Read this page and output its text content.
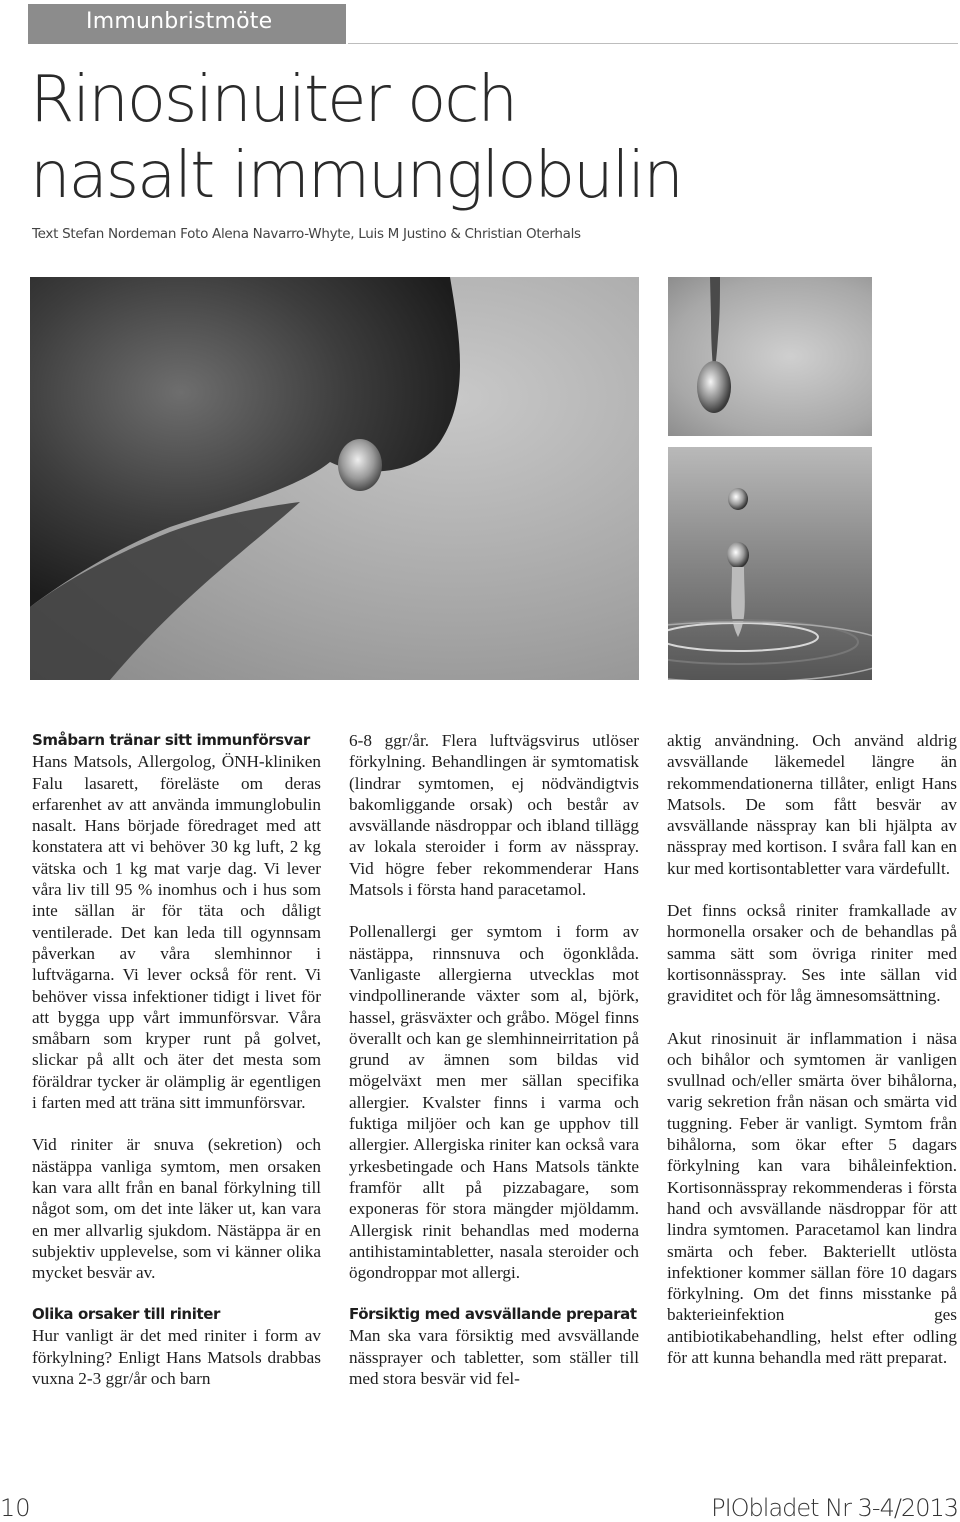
Immunbristmöte
Rinosinuiter och
nasalt immunglobulin
Text Stefan Nordeman Foto Alena Navarro-Whyte, Luis M Justino & Christian Oterhals

Småbarn tränar sitt immunförsvar
Hans Matsols, Allergolog, ÖNH-kliniken Falu lasarett, föreläste om deras erfarenhet av att använda immunglobulin nasalt. Hans började föredraget med att konstatera att vi behöver 30 kg luft, 2 kg vätska och 1 kg mat varje dag. Vi lever våra liv till 95 % inomhus och i hus som inte sällan är för täta och dåligt ventilerade. Det kan leda till ogynnsam påverkan av våra slemhinnor i luftvägarna. Vi lever också för rent. Vi behöver vissa infektioner tidigt i livet för att bygga upp vårt immunförsvar. Våra småbarn som kryper runt på golvet, slickar på allt och äter det mesta som föräldrar tycker är olämplig är egentligen i farten med att träna sitt immunförsvar.

Vid riniter är snuva (sekretion) och nästäppa vanliga symtom, men orsaken kan vara allt från en banal förkylning till något som, om det inte läker ut, kan vara en mer allvarlig sjukdom. Nästäppa är en subjektiv upplevelse, som vi känner olika mycket besvär av.

Olika orsaker till riniter

Hur vanligt är det med riniter i form av förkylning? Enligt Hans Matsols drabbas vuxna 2-3 ggr/år och barn

6-8 ggr/år. Flera luftvägsvirus utlöser förkylning. Behandlingen är symtomatisk (lindrar symtomen, ej nödvändigtvis bakomliggande orsak) och består av avsvällande näsdroppar och ibland tillägg av lokala steroider i form av nässpray. Vid högre feber rekommenderar Hans Matsols i första hand paracetamol.

Pollenallergi ger symtom i form av nästäppa, rinnsnuva och ögonklåda. Vanligaste allergierna utvecklas mot vindpollinerande växter som al, björk, hassel, gräsväxter och gråbo. Mögel finns överallt och kan ge slemhinneirritation på grund av ämnen som bildas vid mögelväxt men mer sällan specifika allergier. Kvalster finns i varma och fuktiga miljöer och kan ge upphov till allergier. Allergiska riniter kan också vara yrkesbetingade och Hans Matsols tänkte framför allt på pizzabagare, som exponeras för stora mängder mjöldamm. Allergisk rinit behandlas med moderna antihistamintabletter, nasala steroider och ögondroppar mot allergi.

Försiktig med avsvällande preparat

Man ska vara försiktig med avsvällande nässprayer och tabletter, som ställer till med stora besvär vid fel-

aktig användning. Och använd aldrig avsvällande läkemedel längre än rekommendationerna tillåter, enligt Hans Matsols. De som fått besvär av avsvällande nässpray kan bli hjälpta av nässpray med kortison. I svåra fall kan en kur med kortisontabletter vara värdefullt.

Det finns också riniter framkallade av hormonella orsaker och de behandlas på samma sätt som övriga riniter med kortisonnässpray. Ses inte sällan vid graviditet och för låg ämnesomsättning.

Akut rinosinuit är inflammation i näsa och bihålor och symtomen är vanligen svullnad och/eller smärta över bihålorna, varig sekretion från näsan och smärta vid tuggning. Feber är vanligt. Symtom från bihålorna, som ökar efter 5 dagars förkylning kan vara bihåleinfektion. Kortisonnässpray rekommenderas i första hand och avsvällande näsdroppar för att lindra symtomen. Paracetamol kan lindra smärta och feber. Bakteriellt utlösta infektioner kommer sällan före 10 dagars förkylning. Om det finns misstanke på bakterieinfektion ges antibiotikabehandling, helst efter odling för att kunna behandla med rätt preparat.

10	PIObladet Nr 3-4/2013
